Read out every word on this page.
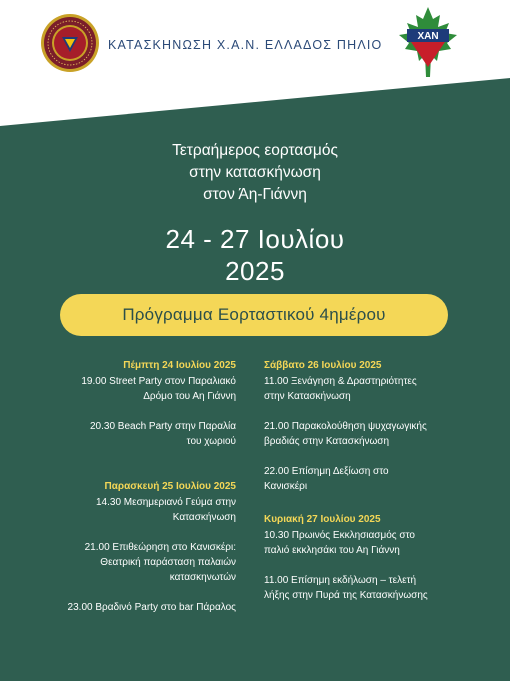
ΚΑΤΑΣΚΗΝΩΣΗ Χ.Α.Ν. ΕΛΛΑΔΟΣ ΠΗΛΙΟ
ΧΑΝ
Τετραήμερος εορτασμός
στην κατασκήνωση
στον Άη-Γιάννη
24 - 27 Ιουλίου
2025
Πρόγραμμα Εορταστικού 4ημέρου
Πέμπτη 24 Ιουλίου 2025
19.00 Street Party στον Παραλιακό
Δρόμο του Αη Γιάννη
20.30 Beach Party στην Παραλία
του χωριού
Παρασκευή 25 Ιουλίου 2025
14.30 Μεσημεριανό Γεύμα στην
Κατασκήνωση
21.00 Επιθεώρηση στο Κανισκέρι:
Θεατρική παράσταση παλαιών
κατασκηνωτών
23.00 Βραδινό Party στο bar Πάραλος
Σάββατο 26 Ιουλίου 2025
11.00 Ξενάγηση & Δραστηριότητες
στην Κατασκήνωση
21.00 Παρακολούθηση ψυχαγωγικής
βραδιάς στην Κατασκήνωση
22.00 Επίσημη Δεξίωση στο
Κανισκέρι
Κυριακή 27 Ιουλίου 2025
10.30 Πρωινός Εκκλησιασμός στο
παλιό εκκλησάκι του Αη Γιάννη
11.00 Επίσημη εκδήλωση – τελετή
λήξης στην Πυρά της Κατασκήνωσης
